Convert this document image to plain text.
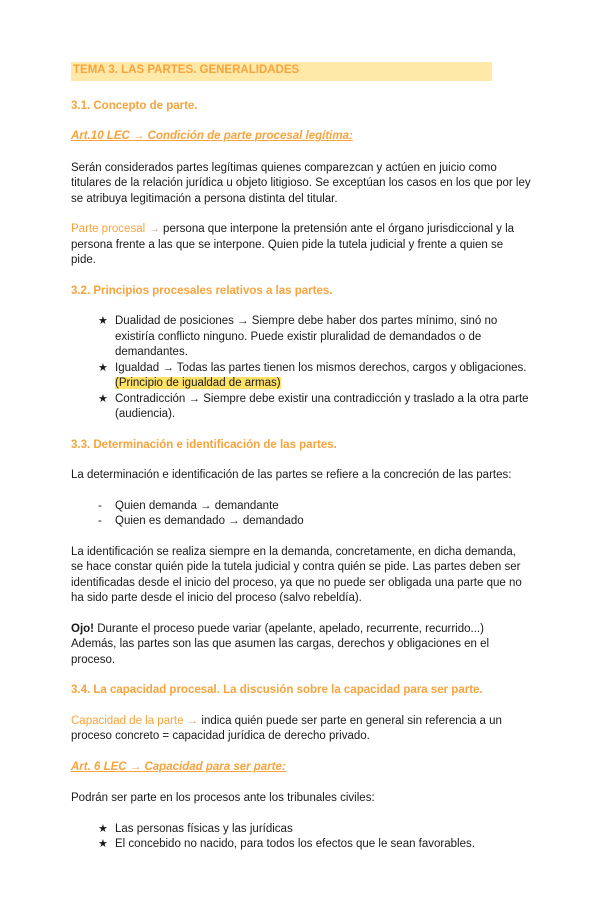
TEMA 3. LAS PARTES. GENERALIDADES
3.1. Concepto de parte.
Art.10 LEC → Condición de parte procesal legítima:

Serán considerados partes legítimas quienes comparezcan y actúen en juicio como titulares de la relación jurídica u objeto litigioso. Se exceptúan los casos en los que por ley se atribuya legitimación a persona distinta del titular.

Parte procesal → persona que interpone la pretensión ante el órgano jurisdiccional y la persona frente a las que se interpone. Quien pide la tutela judicial y frente a quien se pide.

3.2. Principios procesales relativos a las partes.
★ Dualidad de posiciones → Siempre debe haber dos partes mínimo, sinó no existiría conflicto ninguno. Puede existir pluralidad de demandados o de demandantes.
★ Igualdad → Todas las partes tienen los mismos derechos, cargos y obligaciones. (Principio de igualdad de armas)
★ Contradicción → Siempre debe existir una contradicción y traslado a la otra parte (audiencia).
3.3. Determinación e identificación de las partes.

La determinación e identificación de las partes se refiere a la concreción de las partes:

-	Quien demanda → demandante
-	Quien es demandado → demandado

La identificación se realiza siempre en la demanda, concretamente, en dicha demanda, se hace constar quién pide la tutela judicial y contra quién se pide. Las partes deben ser identificadas desde el inicio del proceso, ya que no puede ser obligada una parte que no ha sido parte desde el inicio del proceso (salvo rebeldía).

Ojo! Durante el proceso puede variar (apelante, apelado, recurrente, recurrido...) Además, las partes son las que asumen las cargas, derechos y obligaciones en el proceso.

3.4. La capacidad procesal. La discusión sobre la capacidad para ser parte.

Capacidad de la parte → indica quién puede ser parte en general sin referencia a un proceso concreto = capacidad jurídica de derecho privado.

Art. 6 LEC → Capacidad para ser parte:

Podrán ser parte en los procesos ante los tribunales civiles:

★ Las personas físicas y las jurídicas
★ El concebido no nacido, para todos los efectos que le sean favorables.
